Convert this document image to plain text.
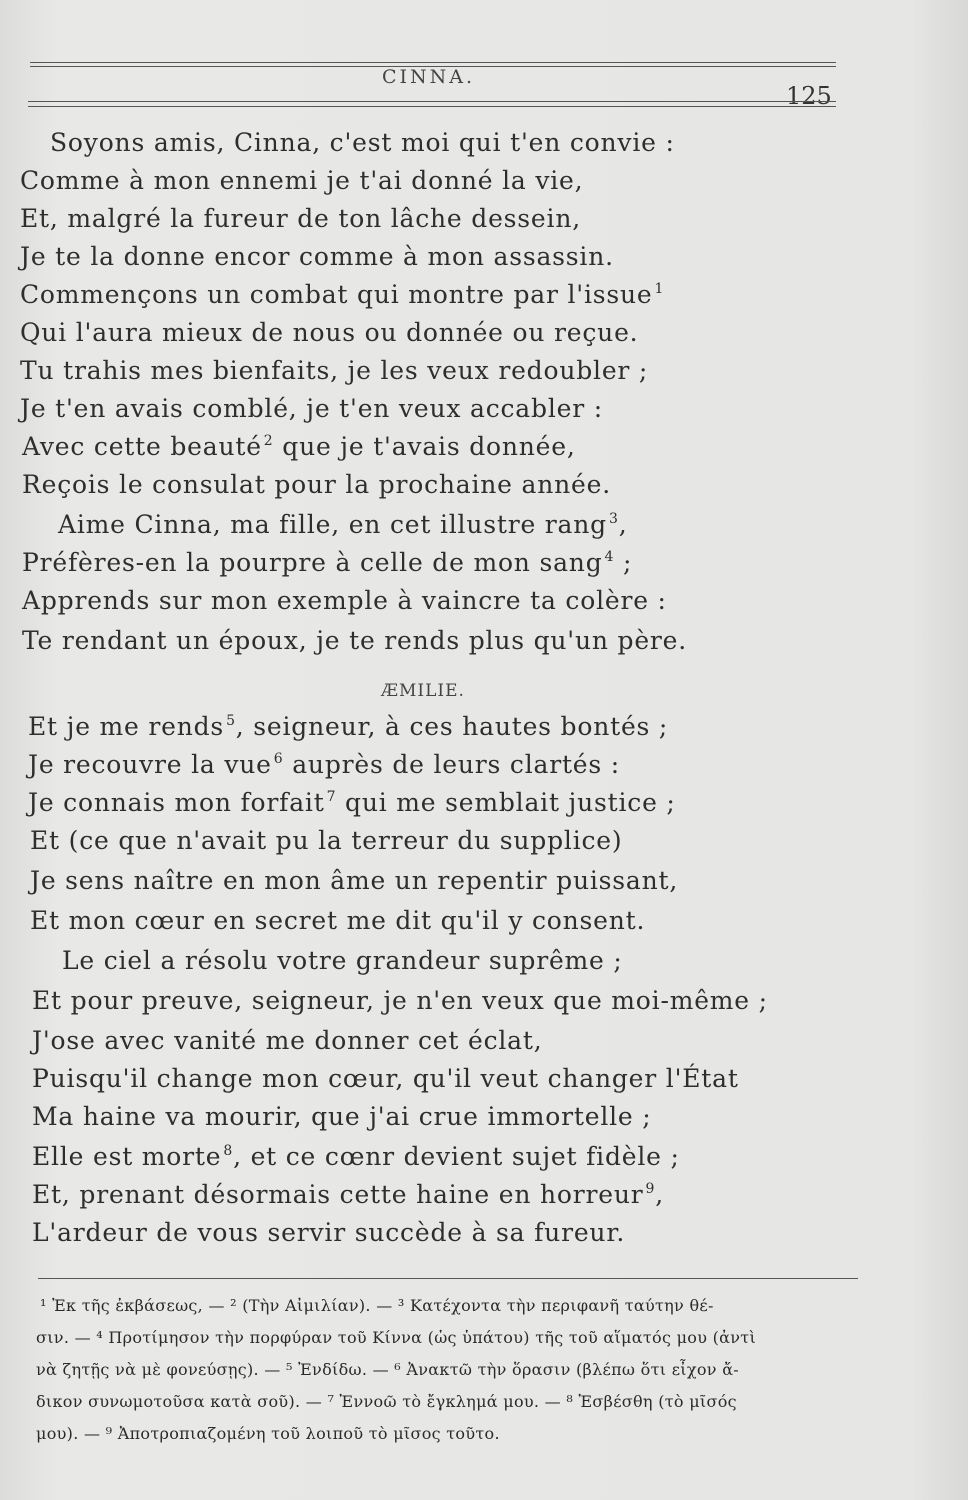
CINNA.
125
Soyons amis, Cinna, c'est moi qui t'en convie :
Comme à mon ennemi je t'ai donné la vie,
Et, malgré la fureur de ton lâche dessein,
Je te la donne encor comme à mon assassin.
Commençons un combat qui montre par l'issue $^1$
Qui l'aura mieux de nous ou donnée ou reçue.
Tu trahis mes bienfaits, je les veux redoubler ;
Je t'en avais comblé, je t'en veux accabler :
Avec cette beauté $^2$ que je t'avais donnée,
Reçois le consulat pour la prochaine année.
Aime Cinna, ma fille, en cet illustre rang $^3$,
Préfères-en la pourpre à celle de mon sang $^4$ ;
Apprends sur mon exemple à vaincre ta colère :
Te rendant un époux, je te rends plus qu'un père.
ÆMILIE.
Et je me rends $^5$, seigneur, à ces hautes bontés ;
Je recouvre la vue $^6$ auprès de leurs clartés :
Je connais mon forfait $^7$ qui me semblait justice ;
Et (ce que n'avait pu la terreur du supplice)
Je sens naître en mon âme un repentir puissant,
Et mon cœur en secret me dit qu'il y consent.
Le ciel a résolu votre grandeur suprême ;
Et pour preuve, seigneur, je n'en veux que moi-même ;
J'ose avec vanité me donner cet éclat,
Puisqu'il change mon cœur, qu'il veut changer l'État
Ma haine va mourir, que j'ai crue immortelle ;
Elle est morte $^8$, et ce cœnr devient sujet fidèle ;
Et, prenant désormais cette haine en horreur $^9$,
L'ardeur de vous servir succède à sa fureur.
¹ Ἐκ τῆς ἐκβάσεως, — ² (Τὴν Αἰμιλίαν). — ³ Κατέχοντα τὴν περιφανῆ ταύτην θέ-
σιν. — ⁴ Προτίμησον τὴν πορφύραν τοῦ Κίννα (ὡς ὑπάτου) τῆς τοῦ αἵματός μου (ἀντὶ
νὰ ζητῇς νὰ μὲ φονεύσῃς). — ⁵ Ἐνδίδω. — ⁶ Ἀνακτῶ τὴν ὅρασιν (βλέπω ὅτι εἶχον ἄ-
δικον συνωμοτοῦσα κατὰ σοῦ). — ⁷ Ἐννοῶ τὸ ἔγκλημά μου. — ⁸ Ἐσβέσθη (τὸ μῖσός
μου). — ⁹ Ἀποτροπιαζομένη τοῦ λοιποῦ τὸ μῖσος τοῦτο.
